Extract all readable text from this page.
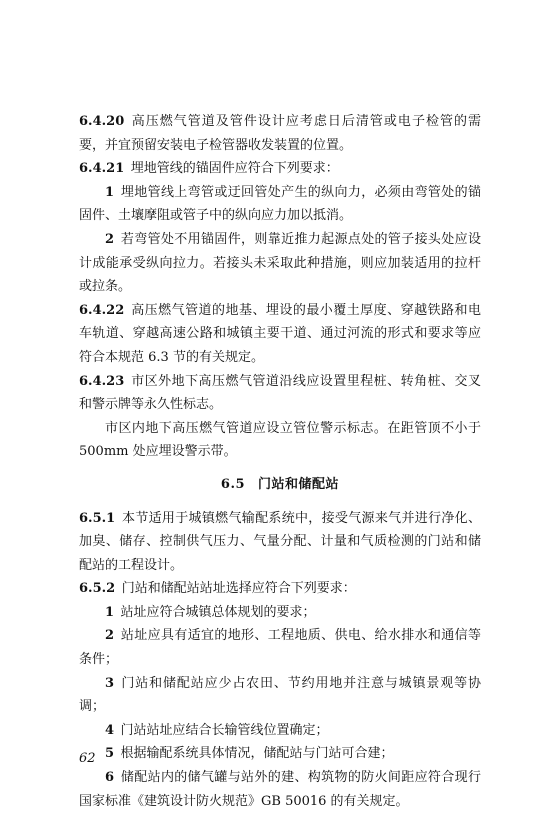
6.4.20 高压燃气管道及管件设计应考虑日后清管或电子检管的需要，并宜预留安装电子检管器收发装置的位置。

6.4.21 埋地管线的锚固件应符合下列要求：

1 埋地管线上弯管或迂回管处产生的纵向力，必须由弯管处的锚固件、土壤摩阻或管子中的纵向应力加以抵消。

2 若弯管处不用锚固件，则靠近推力起源点处的管子接头处应设计成能承受纵向拉力。若接头未采取此种措施，则应加装适用的拉杆或拉条。

6.4.22 高压燃气管道的地基、埋设的最小覆土厚度、穿越铁路和电车轨道、穿越高速公路和城镇主要干道、通过河流的形式和要求等应符合本规范 6.3 节的有关规定。

6.4.23 市区外地下高压燃气管道沿线应设置里程桩、转角桩、交叉和警示牌等永久性标志。

市区内地下高压燃气管道应设立管位警示标志。在距管顶不小于 500mm 处应埋设警示带。

6.5 门站和储配站

6.5.1 本节适用于城镇燃气输配系统中，接受气源来气并进行净化、加臭、储存、控制供气压力、气量分配、计量和气质检测的门站和储配站的工程设计。

6.5.2 门站和储配站站址选择应符合下列要求：

1 站址应符合城镇总体规划的要求；

2 站址应具有适宜的地形、工程地质、供电、给水排水和通信等条件；

3 门站和储配站应少占农田、节约用地并注意与城镇景观等协调；

4 门站站址应结合长输管线位置确定；

5 根据输配系统具体情况，储配站与门站可合建；

6 储配站内的储气罐与站外的建、构筑物的防火间距应符合现行国家标准《建筑设计防火规范》GB 50016 的有关规定。

62
